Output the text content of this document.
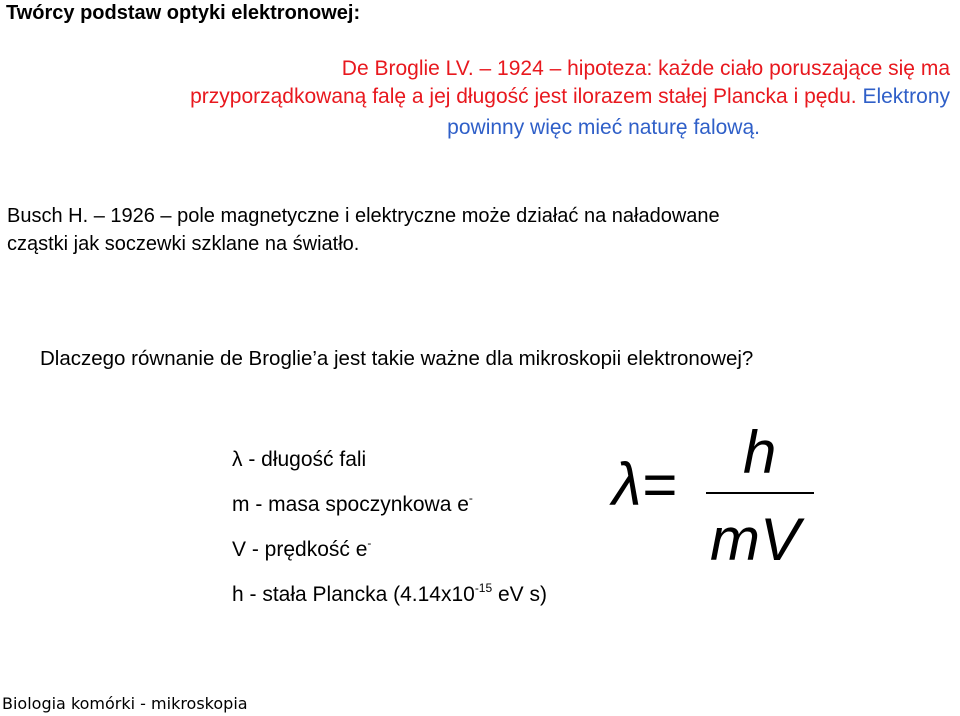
Twórcy podstaw optyki elektronowej:
De Broglie LV. – 1924 – hipoteza: każde ciało poruszające się ma
przyporządkowaną falę a jej długość jest ilorazem stałej Plancka i pędu. Elektrony
powinny więc mieć naturę falową.
Busch H. – 1926 – pole magnetyczne i elektryczne może działać na naładowane
cząstki jak soczewki szklane na światło.
Dlaczego równanie de Broglie’a jest takie ważne dla mikroskopii elektronowej?
λ - długość fali
m - masa spoczynkowa e-
V - prędkość e-
h - stała Plancka ($4.14x10^{-15}$ eV s)
λ= h
mV
Biologia komórki - mikroskopia
